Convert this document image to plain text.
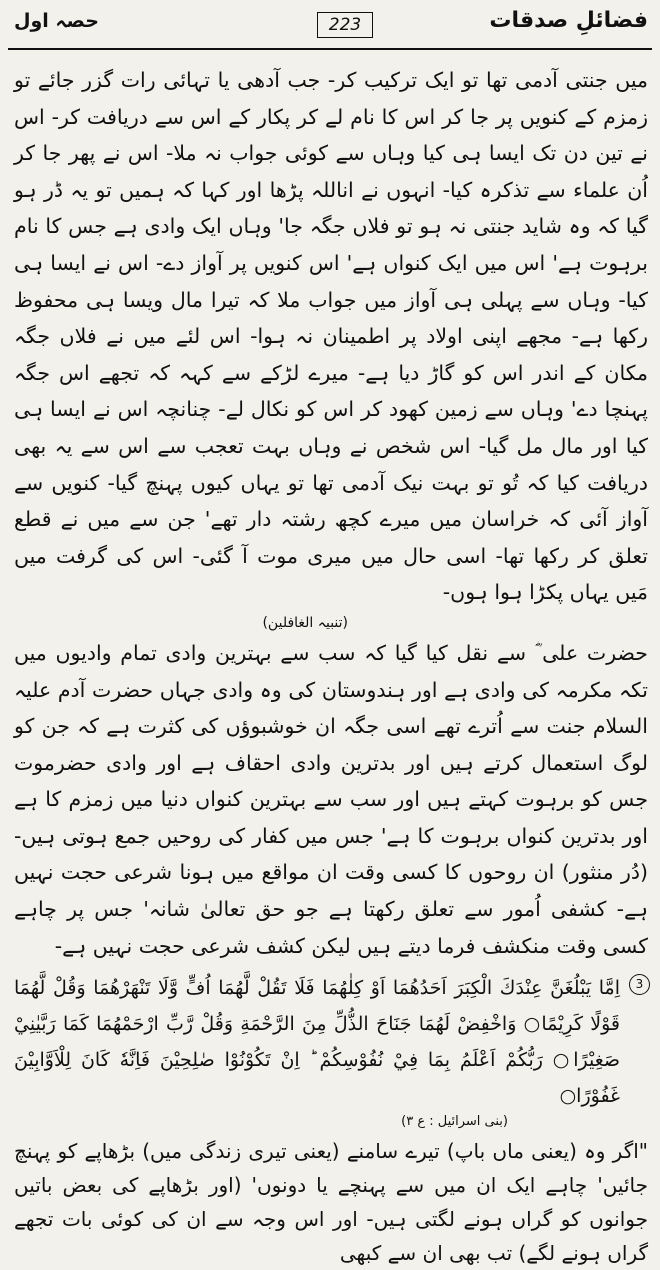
فضائلِ صدقات
223
حصہ اول

میں جنتی آدمی تھا تو ایک ترکیب کر- جب آدھی یا تہائی رات گزر جائے تو زمزم کے کنویں پر جا کر اس کا نام لے کر پکار کے اس سے دریافت کر- اس نے تین دن تک ایسا ہی کیا وہاں سے کوئی جواب نہ ملا- اس نے پھر جا کر اُن علماء سے تذکرہ کیا- انہوں نے اناللہ پڑھا اور کہا کہ ہمیں تو یہ ڈر ہو گیا کہ وہ شاید جنتی نہ ہو تو فلاں جگہ جا' وہاں ایک وادی ہے جس کا نام برہوت ہے' اس میں ایک کنواں ہے' اس کنویں پر آواز دے- اس نے ایسا ہی کیا- وہاں سے پہلی ہی آواز میں جواب ملا کہ تیرا مال ویسا ہی محفوظ رکھا ہے- مجھے اپنی اولاد پر اطمینان نہ ہوا- اس لئے میں نے فلاں جگہ مکان کے اندر اس کو گاڑ دیا ہے- میرے لڑکے سے کہہ کہ تجھے اس جگہ پہنچا دے' وہاں سے زمین کھود کر اس کو نکال لے- چنانچہ اس نے ایسا ہی کیا اور مال مل گیا- اس شخص نے وہاں بہت تعجب سے اس سے یہ بھی دریافت کیا کہ تُو تو بہت نیک آدمی تھا تو یہاں کیوں پہنچ گیا- کنویں سے آواز آئی کہ خراسان میں میرے کچھ رشتہ دار تھے' جن سے میں نے قطع تعلق کر رکھا تھا- اسی حال میں میری موت آ گئی- اس کی گرفت میں مَیں یہاں پکڑا ہوا ہوں-

(تنبیہ الغافلین)

حضرت علی ؓ سے نقل کیا گیا کہ سب سے بہترین وادی تمام وادیوں میں تکہ مکرمہ کی وادی ہے اور ہندوستان کی وہ وادی جہاں حضرت آدم علیہ السلام جنت سے اُترے تھے اسی جگہ ان خوشبوؤں کی کثرت ہے کہ جن کو لوگ استعمال کرتے ہیں اور بدترین وادی احقاف ہے اور وادی حضرموت جس کو برہوت کہتے ہیں اور سب سے بہترین کنواں دنیا میں زمزم کا ہے اور بدترین کنواں برہوت کا ہے' جس میں کفار کی روحیں جمع ہوتی ہیں- (دُر منثور) ان روحوں کا کسی وقت ان مواقع میں ہونا شرعی حجت نہیں ہے- کشفی اُمور سے تعلق رکھتا ہے جو حق تعالیٰ شانہ' جس پر چاہے کسی وقت منکشف فرما دیتے ہیں لیکن کشف شرعی حجت نہیں ہے-

3

اِمَّا يَبْلُغَنَّ عِنْدَكَ الْكِبَرَ اَحَدُهُمَا اَوْ كِلٰهُمَا فَلَا تَقُلْ لَّهُمَا اُفٍّ وَّلَا تَنْهَرْهُمَا وَقُلْ لَّهُمَا قَوْلًا كَرِيْمًا○ وَاخْفِضْ لَهُمَا جَنَاحَ الذُّلِّ مِنَ الرَّحْمَةِ وَقُلْ رَّبِّ ارْحَمْهُمَا كَمَا رَبَّيٰنِيْ صَغِيْرًا○ رَبُّكُمْ اَعْلَمُ بِمَا فِيْ نُفُوْسِكُمْ ؕ اِنْ تَكُوْنُوْا صٰلِحِيْنَ فَاِنَّهٗ كَانَ لِلْاَوَّابِيْنَ غَفُوْرًا○

(بنی اسرائیل : ع ۳)

"اگر وہ (یعنی ماں باپ) تیرے سامنے (یعنی تیری زندگی میں) بڑھاپے کو پہنچ جائیں' چاہے ایک ان میں سے پہنچے یا دونوں' (اور بڑھاپے کی بعض باتیں جوانوں کو گراں ہونے لگتی ہیں- اور اس وجہ سے ان کی کوئی بات تجھے گراں ہونے لگے) تب بھی ان سے کبھی
